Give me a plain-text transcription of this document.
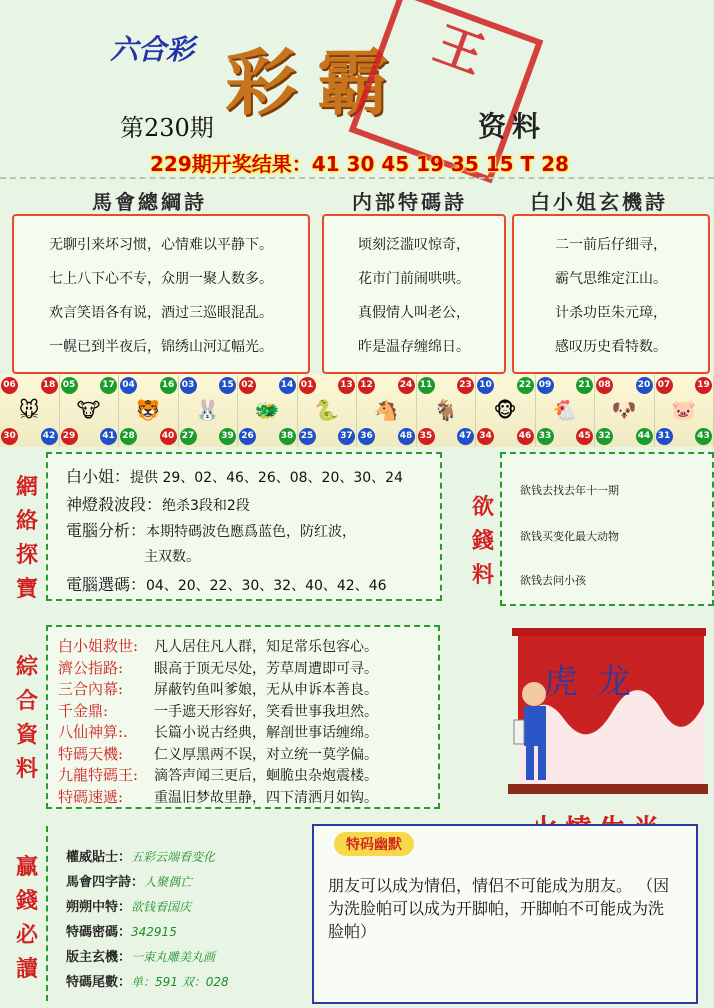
六合彩 彩霸 王
第230期	资料
229期开奖结果：41 30 45 19 35 15 T 28
馬會總綱詩	内部特碼詩	白小姐玄機詩
无聊引来坏习惯，心情难以平静下。
七上八下心不专，众朋一聚人数多。
欢言笑语各有说，酒过三巡眼混乱。
一幌已到半夜后，锦绣山河辽幅光。
顷刻泛滥叹惊奇，
花市门前闹哄哄。
真假情人叫老公，
昨是温存缠绵日。
二一前后仔细寻，
霸气思维定江山。
计杀功臣朱元璋，
感叹历史看特数。
06	18
30	42
🐭
05	17
29	41
🐮
04	16
28	40
🐯
03	15
27	39
🐰
02	14
26	38
🐲
01	13
25	37
🐍
12	24
36	48
🐴
11	23
35	47
🐐
10	22
34	46
🐵
09	21
33	45
🐔
08	20
32	44
🐶
07	19
31	43
🐷
網
絡
探
寶
白小姐：提供 29、02、46、26、08、20、30、24
神燈殺波段：绝杀3段和2段
電腦分析：本期特碼波色應爲蓝色，防红波，
主双数。
電腦選碼：04、20、22、30、32、40、42、46
欲
錢
料
欲钱去找去年十一期
欲钱买变化最大动物
欲钱去问小孩
綜
合
資
料
白小姐救世: 凡人居住凡人群，知足常乐包容心。
濟公指路: 眼高于顶无尽处，芳草周遭即可寻。
三合內幕: 屏蔽钓鱼叫爹娘，无从申诉本善良。
千金鼎:	一手遮天形容好，笑看世事我坦然。
八仙神算:. 长篇小说古经典，解剖世事话缠绵。
特碼天機: 仁义厚黑两不误，对立统一莫学偏。
九龍特碼王: 滴答声闻三更后，蛔脆虫杂炮震楼。
特碼速遞: 重温旧梦故里静，四下清洒月如钩。
虎 龙
贏
錢
必
讀
權威貼士：五彩云端看变化
馬會四字詩：人聚偶亡
朔朔中特：欲钱看国庆
特碼密碼：342915
版主玄機：一束丸雕美丸画
特碼尾數：单：591 双：028
特码幽默
朋友可以成为情侣，情侣不可能成为朋友。 （因为洗脸帕可以成为开脚帕，开脚帕不可能成为洗脸帕）
